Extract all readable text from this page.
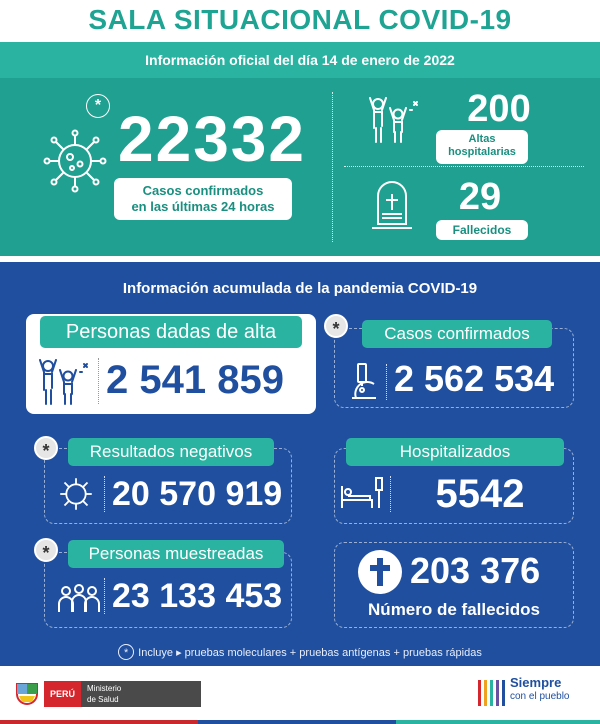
SALA SITUACIONAL COVID-19
Información oficial del día 14 de enero de 2022
* 22332
Casos confirmados
en las últimas 24 horas
200
Altas
hospitalarias
29
Fallecidos
Información acumulada de la pandemia COVID-19
Personas dadas de alta
2 541 859
*	Casos confirmados
2 562 534
*	Resultados negativos
20 570 919
Hospitalizados
5542
*	Personas muestreadas
23 133 453
203 376
Número de fallecidos
* Incluye ▸ pruebas moleculares + pruebas antígenas + pruebas rápidas
PERÚ
Ministerio
de Salud
Siempre
con el pueblo
